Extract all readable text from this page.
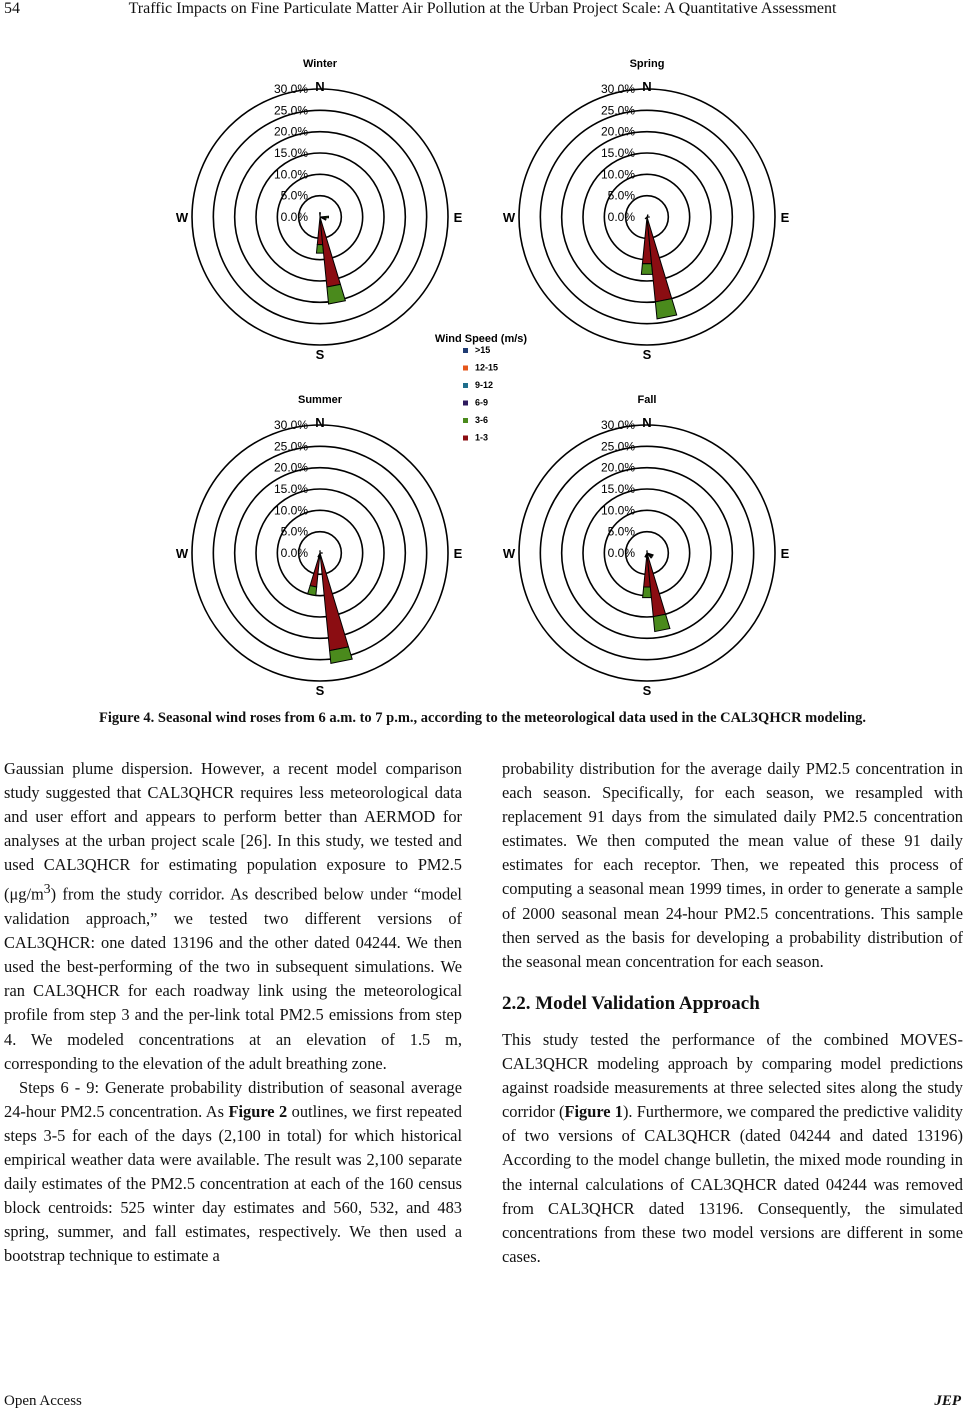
54	Traffic Impacts on Fine Particulate Matter Air Pollution at the Urban Project Scale: A Quantitative Assessment
0.0%
5.0%
10.0%
15.0%
20.0%
25.0%
30.0%
Winter
N
S
E
W	0.0%
5.0%
10.0%
15.0%
20.0%
25.0%
30.0%
Spring
N
S
E
W
0.0%
5.0%
10.0%
15.0%
20.0%
25.0%
30.0%
Summer
N
S
E
W	0.0%
5.0%
10.0%
15.0%
20.0%
25.0%
30.0%
Fall
N
S
E
W
Wind Speed (m/s)
>15
12-15
9-12
6-9
3-6
1-3
Figure 4. Seasonal wind roses from 6 a.m. to 7 p.m., according to the meteorological data used in the CAL3QHCR modeling.

Gaussian plume dispersion. However, a recent model comparison study suggested that CAL3QHCR requires less meteorological data and user effort and appears to perform better than AERMOD for analyses at the urban project scale [26]. In this study, we tested and used CAL3QHCR for estimating population exposure to PM2.5 $(\mu g/m^3)$ from the study corridor. As described below under “model validation approach,” we tested two different versions of CAL3QHCR: one dated 13196 and the other dated 04244. We then used the best-performing of the two in subsequent simulations. We ran CAL3QHCR for each roadway link using the meteorological profile from step 3 and the per-link total PM2.5 emissions from step 4. We modeled concentrations at an elevation of 1.5 m, corresponding to the elevation of the adult breathing zone.

Steps 6 - 9: Generate probability distribution of seasonal average 24-hour PM2.5 concentration. As Figure 2 outlines, we first repeated steps 3-5 for each of the days (2,100 in total) for which historical empirical weather data were available. The result was 2,100 separate daily estimates of the PM2.5 concentration at each of the 160 census block centroids: 525 winter day estimates and 560, 532, and 483 spring, summer, and fall estimates, respectively. We then used a bootstrap technique to estimate a

probability distribution for the average daily PM2.5 concentration in each season. Specifically, for each season, we resampled with replacement 91 days from the simulated daily PM2.5 concentration estimates. We then computed the mean value of these 91 daily estimates for each receptor. Then, we repeated this process of computing a seasonal mean 1999 times, in order to generate a sample of 2000 seasonal mean 24-hour PM2.5 concentrations. This sample then served as the basis for developing a probability distribution of the seasonal mean concentration for each season.

2.2. Model Validation Approach

This study tested the performance of the combined MOVES-CAL3QHCR modeling approach by comparing model predictions against roadside measurements at three selected sites along the study corridor (Figure 1). Furthermore, we compared the predictive validity of two versions of CAL3QHCR (dated 04244 and dated 13196) According to the model change bulletin, the mixed mode rounding in the internal calculations of CAL3QHCR dated 04244 was removed from CAL3QHCR dated 13196. Consequently, the simulated concentrations from these two model versions are different in some cases.

Open Access	JEP
